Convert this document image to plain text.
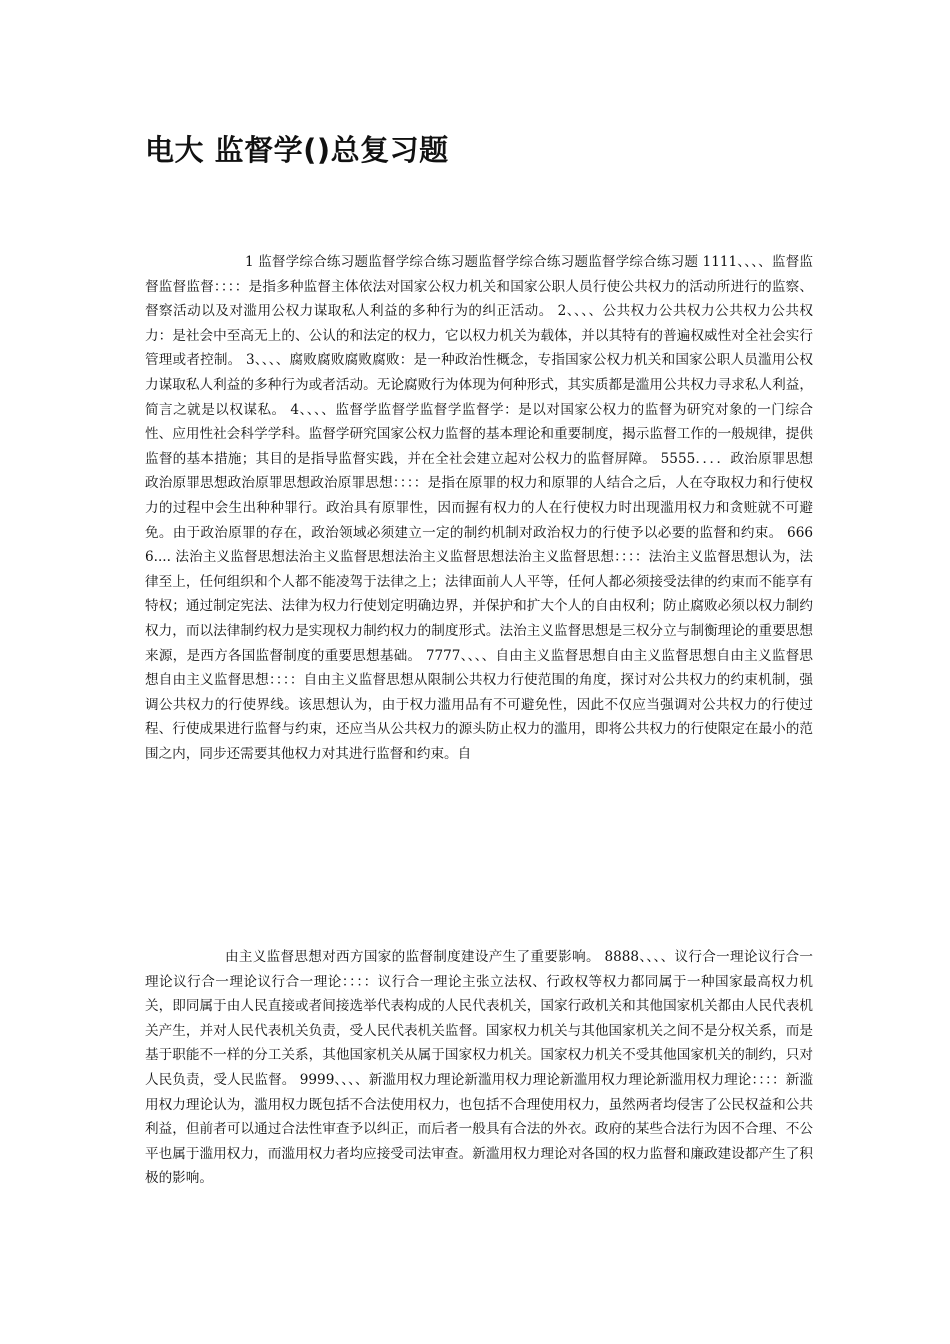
电大 监督学()总复习题

1 监督学综合练习题监督学综合练习题监督学综合练习题监督学综合练习题 1111、、、、监督监督监督监督：：：：是指多种监督主体依法对国家公权力机关和国家公职人员行使公共权力的活动所进行的监察、督察活动以及对滥用公权力谋取私人利益的多种行为的纠正活动。 2、、、、公共权力公共权力公共权力公共权力：是社会中至高无上的、公认的和法定的权力，它以权力机关为载体，并以其特有的普遍权威性对全社会实行管理或者控制。 3、、、、腐败腐败腐败腐败：是一种政治性概念，专指国家公权力机关和国家公职人员滥用公权力谋取私人利益的多种行为或者活动。无论腐败行为体现为何种形式，其实质都是滥用公共权力寻求私人利益，简言之就是以权谋私。 4、、、、监督学监督学监督学监督学：是以对国家公权力的监督为研究对象的一门综合性、应用性社会科学学科。监督学研究国家公权力监督的基本理论和重要制度，揭示监督工作的一般规律，提供监督的基本措施；其目的是指导监督实践，并在全社会建立起对公权力的监督屏障。 5555．．．．政治原罪思想政治原罪思想政治原罪思想政治原罪思想：：：：是指在原罪的权力和原罪的人结合之后，人在夺取权力和行使权力的过程中会生出种种罪行。政治具有原罪性，因而握有权力的人在行使权力时出现滥用权力和贪赃就不可避免。由于政治原罪的存在，政治领域必须建立一定的制约机制对政治权力的行使予以必要的监督和约束。 6666.... 法治主义监督思想法治主义监督思想法治主义监督思想法治主义监督思想：：：：法治主义监督思想认为，法律至上，任何组织和个人都不能凌驾于法律之上；法律面前人人平等，任何人都必须接受法律的约束而不能享有特权；通过制定宪法、法律为权力行使划定明确边界，并保护和扩大个人的自由权利；防止腐败必须以权力制约权力，而以法律制约权力是实现权力制约权力的制度形式。法治主义监督思想是三权分立与制衡理论的重要思想来源，是西方各国监督制度的重要思想基础。 7777、、、、自由主义监督思想自由主义监督思想自由主义监督思想自由主义监督思想：：：：自由主义监督思想从限制公共权力行使范围的角度，探讨对公共权力的约束机制，强调公共权力的行使界线。该思想认为，由于权力滥用品有不可避免性，因此不仅应当强调对公共权力的行使过程、行使成果进行监督与约束，还应当从公共权力的源头防止权力的滥用，即将公共权力的行使限定在最小的范围之内，同步还需要其他权力对其进行监督和约束。自

由主义监督思想对西方国家的监督制度建设产生了重要影响。 8888、、、、议行合一理论议行合一理论议行合一理论议行合一理论：：：：议行合一理论主张立法权、行政权等权力都同属于一种国家最高权力机关，即同属于由人民直接或者间接选举代表构成的人民代表机关，国家行政机关和其他国家机关都由人民代表机关产生，并对人民代表机关负责，受人民代表机关监督。国家权力机关与其他国家机关之间不是分权关系，而是基于职能不一样的分工关系，其他国家机关从属于国家权力机关。国家权力机关不受其他国家机关的制约，只对人民负责，受人民监督。 9999、、、、新滥用权力理论新滥用权力理论新滥用权力理论新滥用权力理论：：：：新滥用权力理论认为，滥用权力既包括不合法使用权力，也包括不合理使用权力，虽然两者均侵害了公民权益和公共利益，但前者可以通过合法性审查予以纠正，而后者一般具有合法的外衣。政府的某些合法行为因不合理、不公平也属于滥用权力，而滥用权力者均应接受司法审查。新滥用权力理论对各国的权力监督和廉政建设都产生了积极的影响。
